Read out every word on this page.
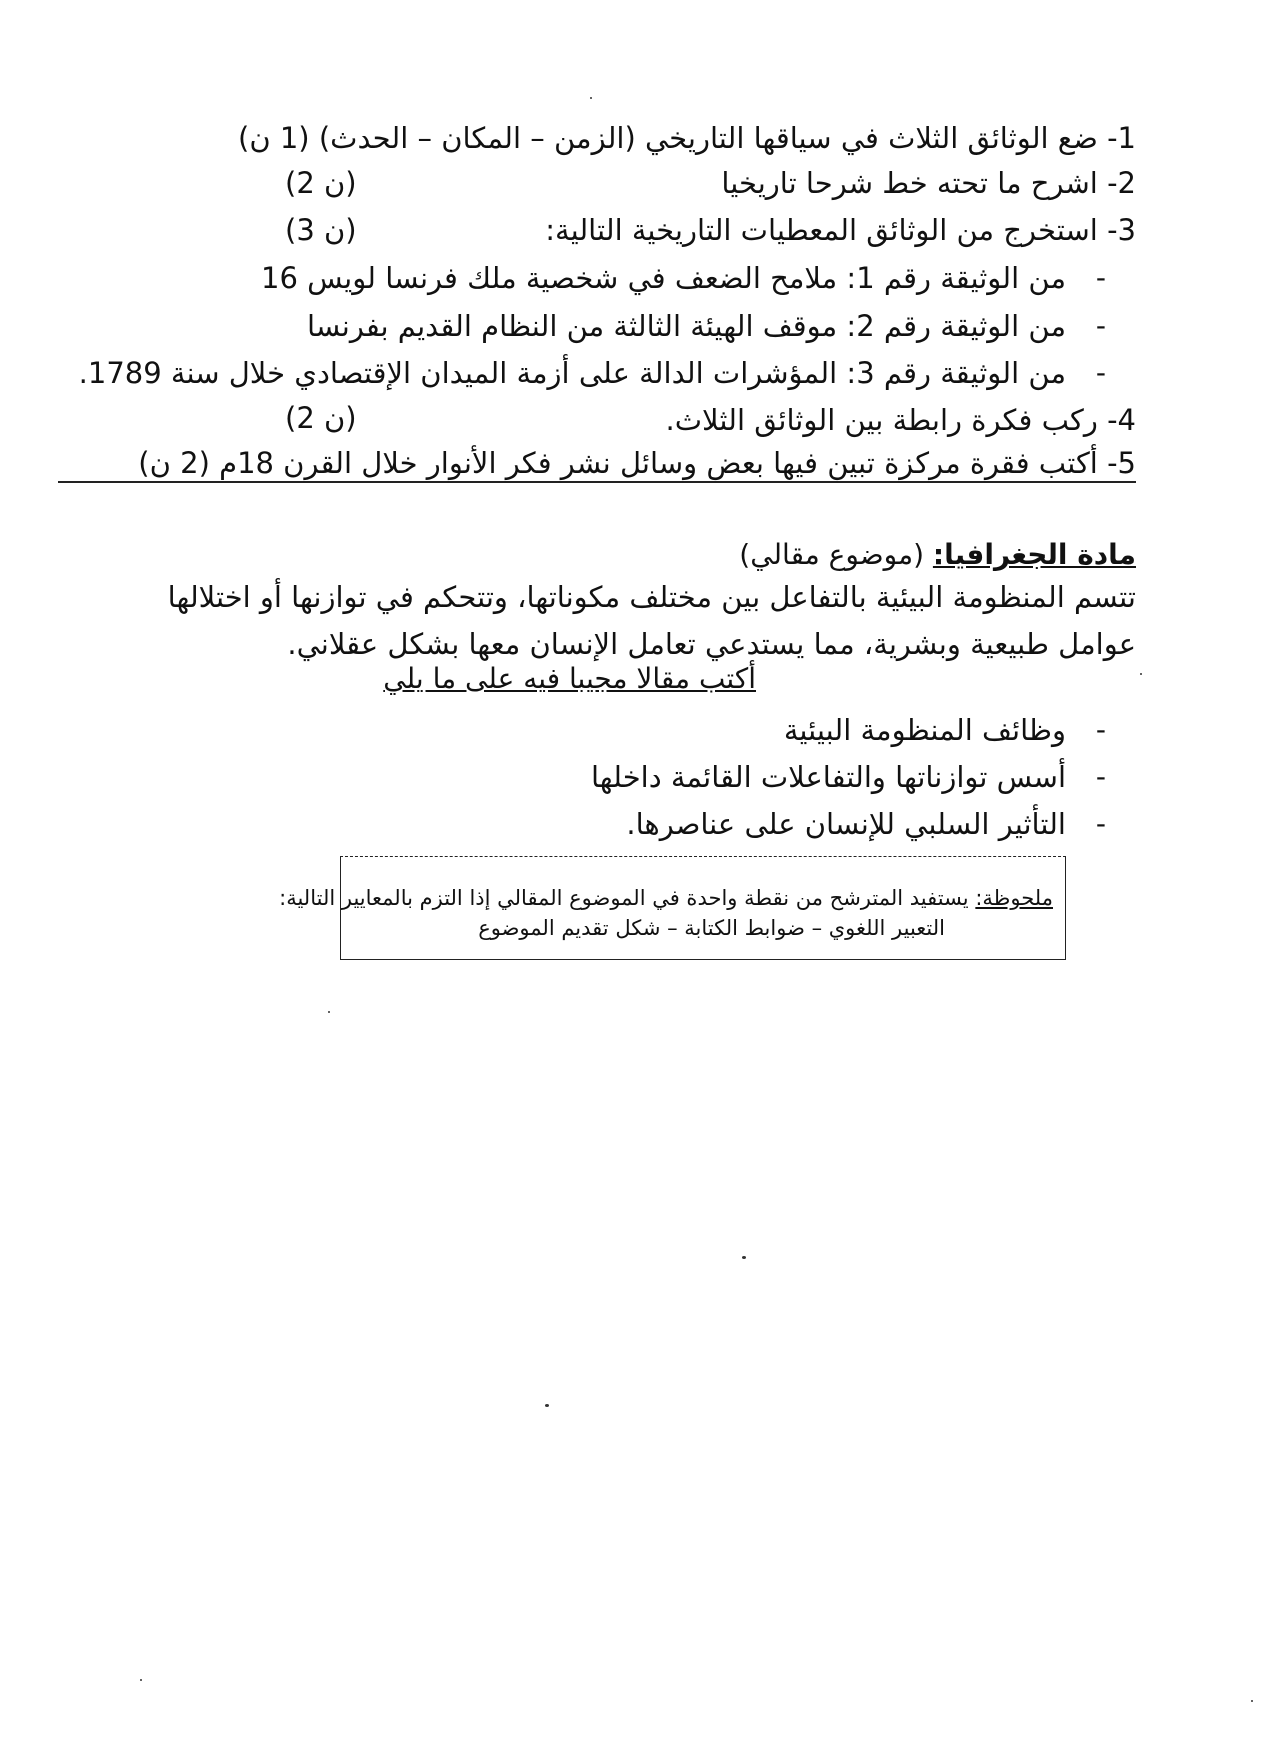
1- ضع الوثائق الثلاث في سياقها التاريخي (الزمن – المكان – الحدث) (1 ن)
2- اشرح ما تحته خط شرحا تاريخيا
(2 ن)
3- استخرج من الوثائق المعطيات التاريخية التالية:
(3 ن)
-
من الوثيقة رقم 1: ملامح الضعف في شخصية ملك فرنسا لويس 16
-
من الوثيقة رقم 2: موقف الهيئة الثالثة من النظام القديم بفرنسا
-
من الوثيقة رقم 3: المؤشرات الدالة على أزمة الميدان الإقتصادي خلال سنة 1789.
4- ركب فكرة رابطة بين الوثائق الثلاث.
(2 ن)
5- أكتب فقرة مركزة تبين فيها بعض وسائل نشر فكر الأنوار خلال القرن 18م (2 ن)
مادة الجغرافيا: (موضوع مقالي)
تتسم المنظومة البيئية بالتفاعل بين مختلف مكوناتها، وتتحكم في توازنها أو اختلالها عوامل طبيعية وبشرية، مما يستدعي تعامل الإنسان معها بشكل عقلاني.
أكتب مقالا مجيبا فيه على ما يلي
-
وظائف المنظومة البيئية
-
أسس توازناتها والتفاعلات القائمة داخلها
-
التأثير السلبي للإنسان على عناصرها.
ملحوظة: يستفيد المترشح من نقطة واحدة في الموضوع المقالي إذا التزم بالمعايير التالية:
التعبير اللغوي – ضوابط الكتابة – شكل تقديم الموضوع
